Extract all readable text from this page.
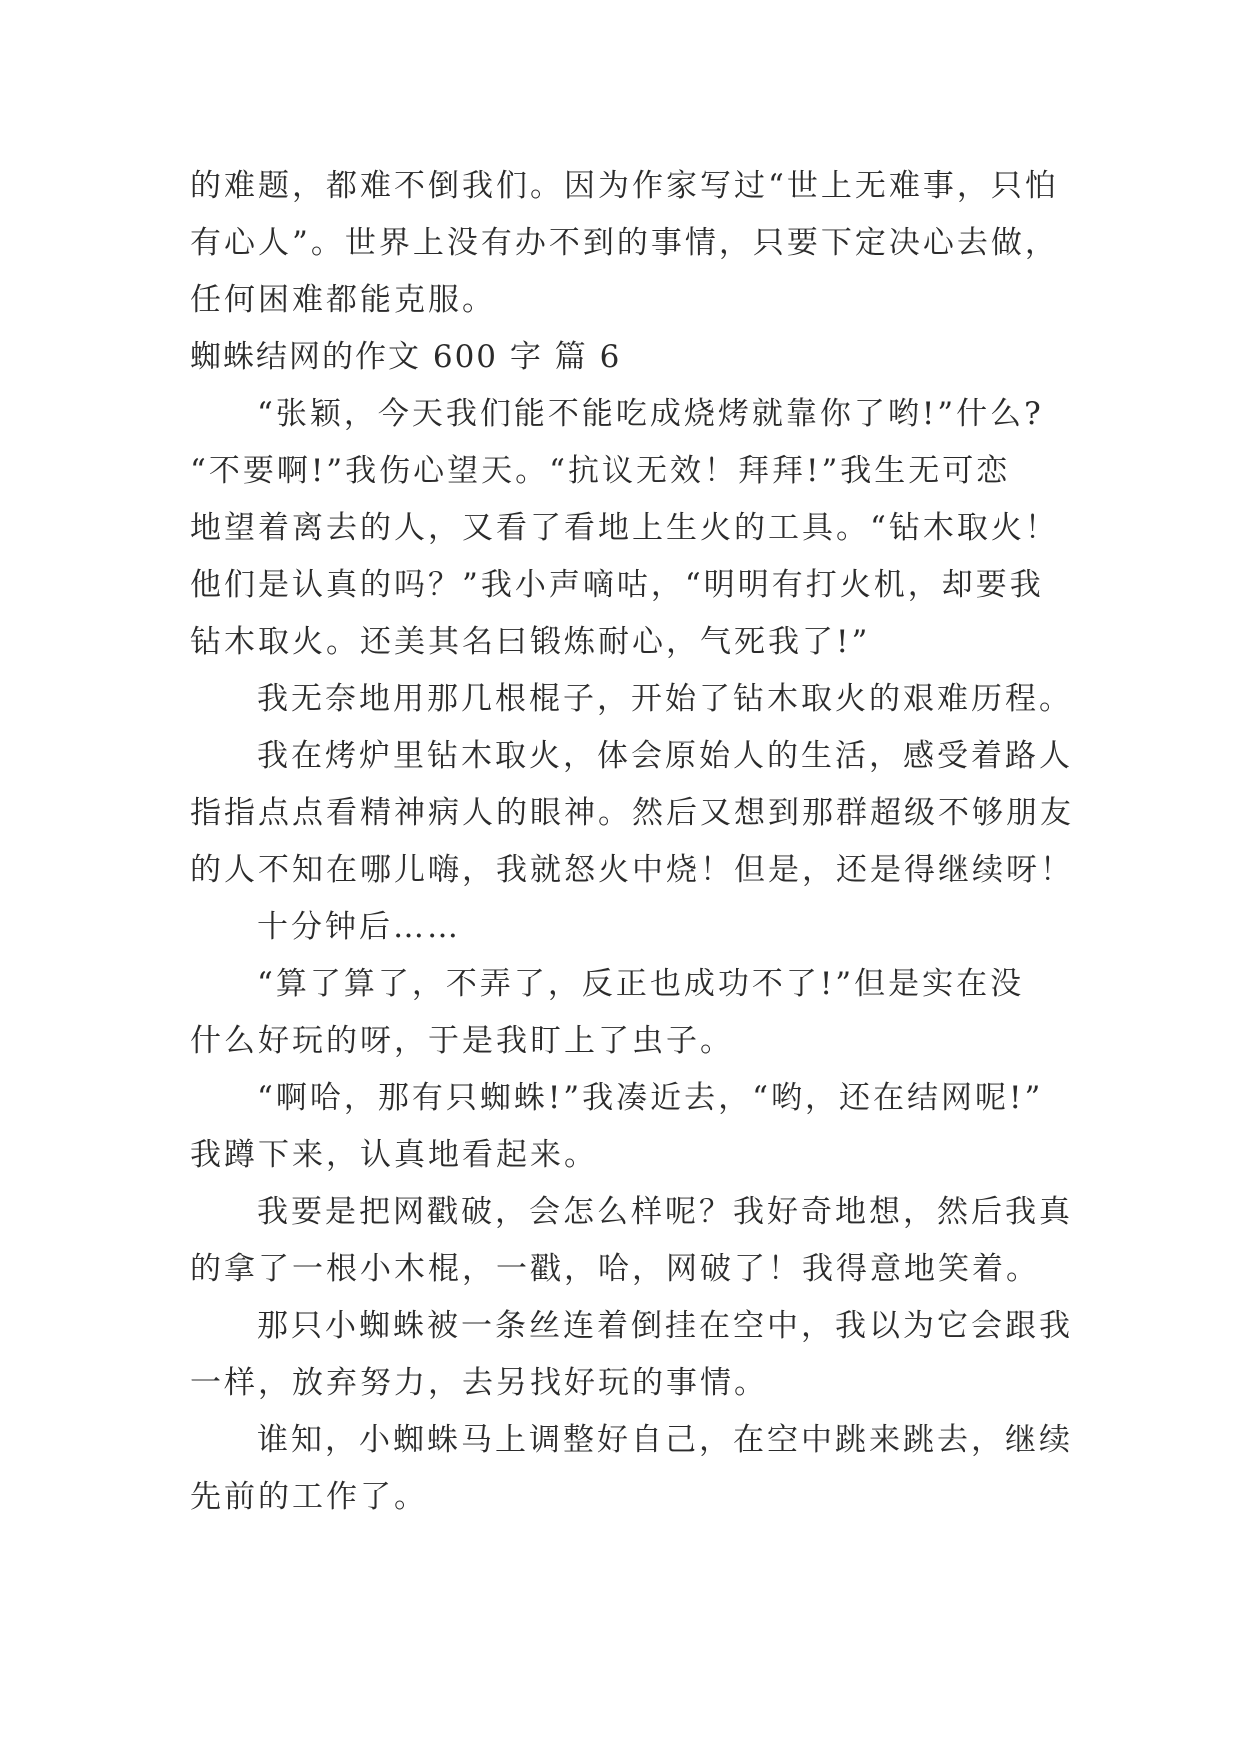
的难题，都难不倒我们。因为作家写过“世上无难事，只怕
有心人”。世界上没有办不到的事情，只要下定决心去做，
任何困难都能克服。
蜘蛛结网的作文 600 字 篇 6
“张颖，今天我们能不能吃成烧烤就靠你了哟!”什么?
“不要啊!”我伤心望天。“抗议无效！拜拜!”我生无可恋
地望着离去的人，又看了看地上生火的工具。“钻木取火！
他们是认真的吗？”我小声嘀咕，“明明有打火机，却要我
钻木取火。还美其名曰锻炼耐心，气死我了!”
我无奈地用那几根棍子，开始了钻木取火的艰难历程。
我在烤炉里钻木取火，体会原始人的生活，感受着路人
指指点点看精神病人的眼神。然后又想到那群超级不够朋友
的人不知在哪儿嗨，我就怒火中烧！但是，还是得继续呀！
十分钟后……
“算了算了，不弄了，反正也成功不了!”但是实在没
什么好玩的呀，于是我盯上了虫子。
“啊哈，那有只蜘蛛!”我凑近去，“哟，还在结网呢!”
我蹲下来，认真地看起来。
我要是把网戳破，会怎么样呢？我好奇地想，然后我真
的拿了一根小木棍，一戳，哈，网破了！我得意地笑着。
那只小蜘蛛被一条丝连着倒挂在空中，我以为它会跟我
一样，放弃努力，去另找好玩的事情。
谁知，小蜘蛛马上调整好自己，在空中跳来跳去，继续
先前的工作了。
